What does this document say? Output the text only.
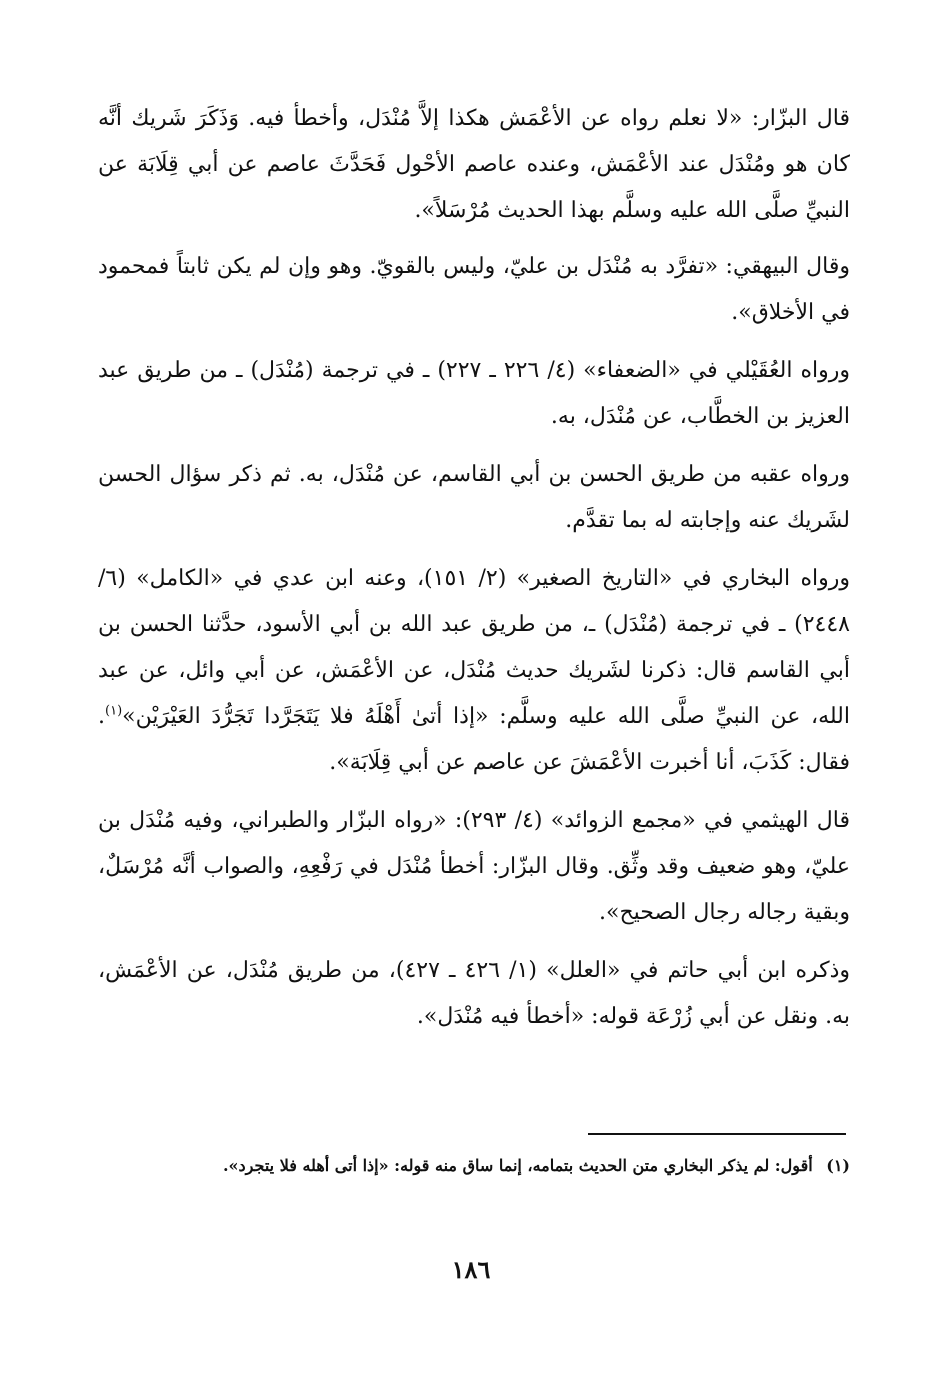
قال البزّار: «لا نعلم رواه عن الأعْمَش هكذا إلاَّ مُنْدَل، وأخطأ فيه. وَذَكَرَ شَريك أنَّه كان هو ومُنْدَل عند الأعْمَش، وعنده عاصم الأحْول فَحَدَّثَ عاصم عن أبي قِلَابَة عن النبيِّ صلَّى الله عليه وسلَّم بهذا الحديث مُرْسَلاً».

وقال البيهقي: «تفرَّد به مُنْدَل بن عليّ، وليس بالقويّ. وهو وإن لم يكن ثابتاً فمحمود في الأخلاق».

ورواه العُقَيْلي في «الضعفاء» (٤/ ٢٢٦ ـ ٢٢٧) ـ في ترجمة (مُنْدَل) ـ من طريق عبد العزيز بن الخطَّاب، عن مُنْدَل، به.

ورواه عقبه من طريق الحسن بن أبي القاسم، عن مُنْدَل، به. ثم ذكر سؤال الحسن لشَريك عنه وإجابته له بما تقدَّم.

ورواه البخاري في «التاريخ الصغير» (٢/ ١٥١)، وعنه ابن عدي في «الكامل» (٦/ ٢٤٤٨) ـ في ترجمة (مُنْدَل) ـ، من طريق عبد الله بن أبي الأسود، حدَّثنا الحسن بن أبي القاسم قال: ذكرنا لشَريك حديث مُنْدَل، عن الأعْمَش، عن أبي وائل، عن عبد الله، عن النبيِّ صلَّى الله عليه وسلَّم: «إذا أتىٰ أَهْلَهُ فلا يَتَجَرَّدا تَجَرُّدَ العَيْرَيْن»$^{(١)}$. فقال: كَذَبَ، أنا أخبرت الأعْمَشَ عن عاصم عن أبي قِلَابَة».

قال الهيثمي في «مجمع الزوائد» (٤/ ٢٩٣): «رواه البزّار والطبراني، وفيه مُنْدَل بن عليّ، وهو ضعيف وقد وثِّق. وقال البزّار: أخطأ مُنْدَل في رَفْعِهِ، والصواب أنَّه مُرْسَلٌ، وبقية رجاله رجال الصحيح».

وذكره ابن أبي حاتم في «العلل» (١/ ٤٢٦ ـ ٤٢٧)، من طريق مُنْدَل، عن الأعْمَش، به. ونقل عن أبي زُرْعَة قوله: «أخطأ فيه مُنْدَل».

(١) أقول: لم يذكر البخاري متن الحديث بتمامه، إنما ساق منه قوله: «إذا أتى أهله فلا يتجرد».
١٨٦
